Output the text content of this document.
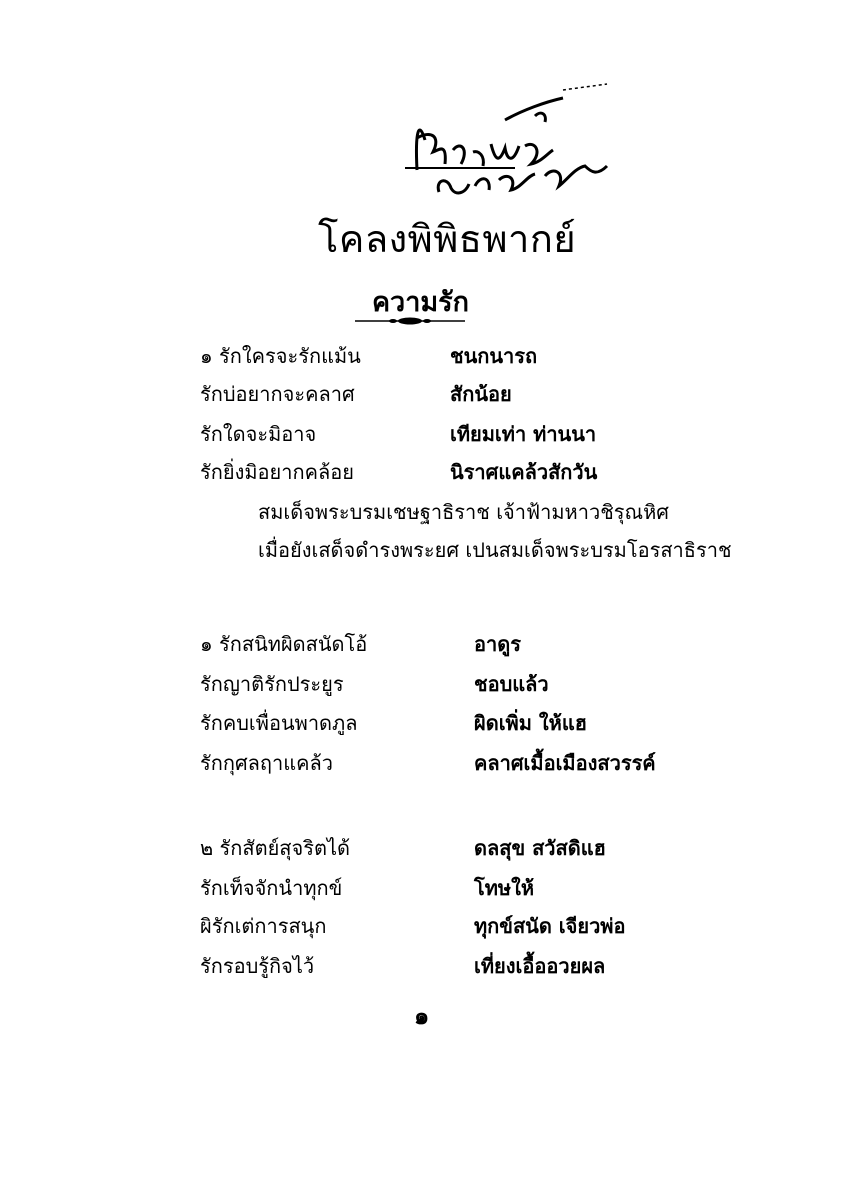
โคลงพิพิธพากย์
ความรัก
๑ รักใครจะรักแม้น	ชนกนารถ
รักบ่อยากจะคลาศ	สักน้อย
รักใดจะมิอาจ	เทียมเท่า ท่านนา
รักยิ่งมิอยากคล้อย	นิราศแคล้วสักวัน
สมเด็จพระบรมเชษฐาธิราช เจ้าฟ้ามหาวชิรุณหิศ
เมื่อยังเสด็จดำรงพระยศ เปนสมเด็จพระบรมโอรสาธิราช
๑ รักสนิทผิดสนัดโอ้	อาดูร
รักญาติรักประยูร	ชอบแล้ว
รักคบเพื่อนพาดภูล	ผิดเพิ่ม ให้แฮ
รักกุศลฤาแคล้ว	คลาศเมื้อเมืองสวรรค์
๒ รักสัตย์สุจริตได้	ดลสุข สวัสดิแฮ
รักเท็จจักนำทุกข์	โทษให้
ผิรักเต่การสนุก	ทุกข์สนัด เจียวพ่อ
รักรอบรู้กิจไว้	เที่ยงเอื้ออวยผล
๑
